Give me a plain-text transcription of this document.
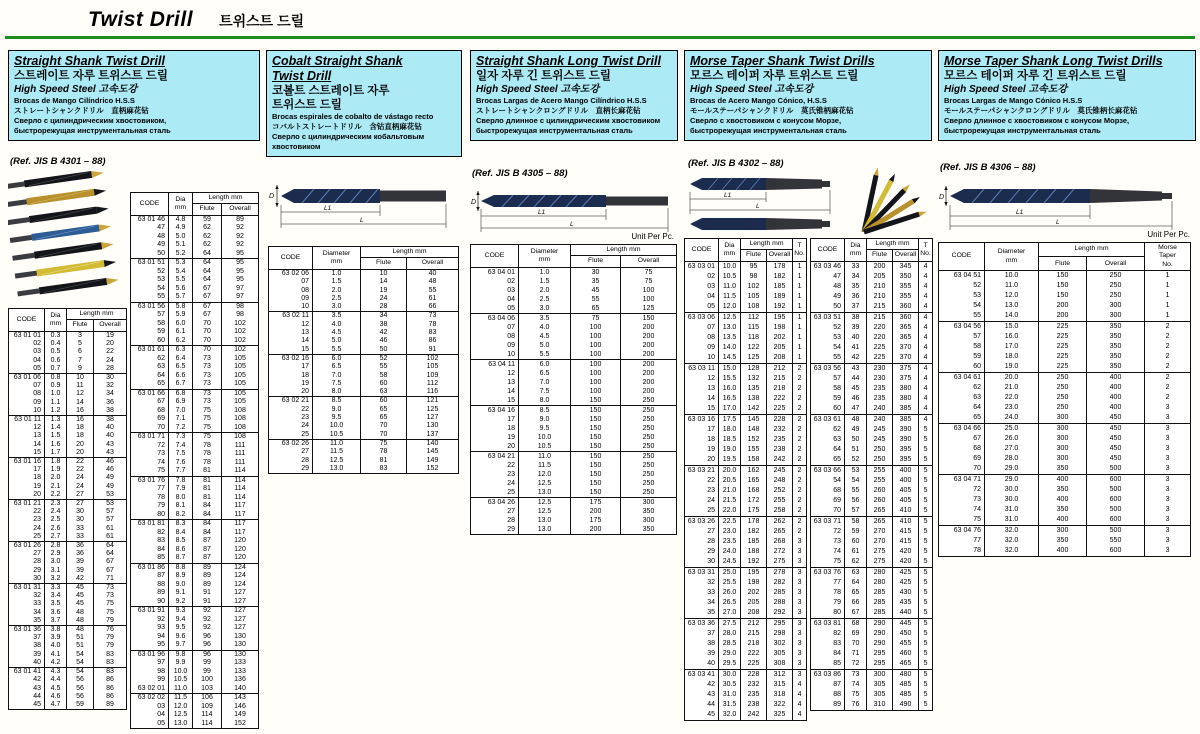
Twist Drill 트위스트 드릴
Straight Shank Twist Drill
스트레이트 자루 트위스트 드릴
High Speed Steel 고속도강
Brocas de Mango Cilíndrico H.S.S
ストレートシャンクドリル　直柄麻花钻
Сверло с цилиндрическим хвостовиком,
быстрорежущая инструментальная сталь
(Ref. JIS B 4301 – 88)
CODE	Dia
mm	Length mm	
		Flute	Overall
63 01 46	4.8	59	89
47	4.9	62	92
48	5.0	62	92
49	5.1	62	92
50	5.2	64	95
63 01 51	5.3	64	95
52	5.4	64	95
53	5.5	64	95
54	5.6	67	97
55	5.7	67	97
63 01 56	5.8	67	98
57	5.9	67	98
58	6.0	70	102
59	6.1	70	102
60	6.2	70	102
63 01 61	6.3	70	102
62	6.4	73	105
63	6.5	73	105
64	6.6	73	105
65	6.7	73	105
63 01 66	6.8	73	105
67	6.9	73	105
68	7.0	75	108
69	7.1	75	108
70	7.2	75	108
63 01 71	7.3	75	108
72	7.4	78	111
73	7.5	78	111
74	7.6	78	111
75	7.7	81	114
63 01 76	7.8	81	114
77	7.9	81	114
78	8.0	81	114
79	8.1	84	117
80	8.2	84	117
63 01 81	8.3	84	117
82	8.4	84	117
83	8.5	87	120
84	8.6	87	120
85	8.7	87	120
63 01 86	8.8	89	124
87	8.9	89	124
88	9.0	89	124
89	9.1	91	127
90	9.2	91	127
63 01 91	9.3	92	127
92	9.4	92	127
93	9.5	92	127
94	9.6	96	130
95	9.7	96	130
63 01 96	9.8	96	130
97	9.9	99	133
98	10.0	99	133
99	10.5	100	136
63 02 01	11.0	103	140
63 02 02	11.5	106	143
03	12.0	109	146
04	12.5	114	149
05	13.0	114	152
CODE	Dia
mm	Length mm	
		Flute	Overall
63 01 01	0.3	3	19
02	0.4	5	20
03	0.5	6	22
04	0.6	7	24
05	0.7	9	28
63 01 06	0.8	10	30
07	0.9	11	32
08	1.0	12	34
09	1.1	14	36
10	1.2	16	38
63 01 11	1.3	16	38
12	1.4	18	40
13	1.5	18	40
14	1.6	20	43
15	1.7	20	43
63 01 16	1.8	22	46
17	1.9	22	46
18	2.0	24	49
19	2.1	24	49
20	2.2	27	53
63 01 21	2.3	27	53
22	2.4	30	57
23	2.5	30	57
24	2.6	33	61
25	2.7	33	61
63 01 26	2.8	36	64
27	2.9	36	64
28	3.0	39	67
29	3.1	39	67
30	3.2	42	71
63 01 31	3.3	45	73
32	3.4	45	73
33	3.5	45	75
34	3.6	48	75
35	3.7	48	79
63 01 36	3.8	48	76
37	3.9	51	79
38	4.0	51	79
39	4.1	54	83
40	4.2	54	83
63 01 41	4.3	54	83
42	4.4	56	86
43	4.5	56	86
44	4.6	56	86
45	4.7	59	89
Cobalt Straight Shank
Twist Drill
코볼트 스트레이트 자루
트위스트 드릴
Brocas espirales de cobalto de vástago recto
コバルトストレートドリル　含钴直柄麻花钻
Сверло с цилиндрическим кобальтовым
хвостовиком
D
L1
L
CODE	Diameter
mm	Length mm	
		Flute	Overall
63 02 06	1.0	10	40
07	1.5	14	48
08	2.0	19	55
09	2.5	24	61
10	3.0	28	66
63 02 11	3.5	34	73
12	4.0	38	78
13	4.5	42	83
14	5.0	46	86
15	5.5	50	91
63 02 16	6.0	52	102
17	6.5	55	105
18	7.0	58	109
19	7.5	60	112
20	8.0	63	116
63 02 21	8.5	60	121
22	9.0	65	125
23	9.5	65	127
24	10.0	70	130
25	10.5	70	137
63 02 26	11.0	75	140
27	11.5	78	145
28	12.5	81	149
29	13.0	83	152
Straight Shank Long Twist Drill
일자 자루 긴 트위스트 드릴
High Speed Steel 고속도강
Brocas Largas de Acero Mango Cilíndrico H.S.S
ストレートシャンクロングドリル　直柄长麻花钻
Сверло длинное с цилиндрическим хвостовиком
быстрорежущая инструментальная сталь
(Ref. JIS B 4305 – 88)
D
L1
L
Unit Per Pc.
CODE	Diameter
mm	Length mm	
		Flute	Overall
63 04 01	1.0	30	75
02	1.5	35	75
03	2.0	45	100
04	2.5	55	100
05	3.0	65	125
63 04 06	3.5	75	150
07	4.0	100	200
08	4.5	100	200
09	5.0	100	200
10	5.5	100	200
63 04 11	6.0	100	200
12	6.5	100	200
13	7.0	100	200
14	7.5	100	200
15	8.0	150	250
63 04 16	8.5	150	250
17	9.0	150	250
18	9.5	150	250
19	10.0	150	250
20	10.5	150	250
63 04 21	11.0	150	250
22	11.5	150	250
23	12.0	150	250
24	12.5	150	250
25	13.0	150	250
63 04 26	12.5	175	300
27	12.5	200	350
28	13.0	175	300
29	13.0	200	350
Morse Taper Shank Twist Drills
모르스 테이퍼 자루 트위스트 드릴
High Speed Steel 고속도강
Brocas de Acero Mango Cónico, H.S.S
モールステーパシャンクドリル　莫氏锥柄麻花钻
Сверло с хвостовиком с конусом Морзе,
быстрорежущая инструментальная сталь
(Ref. JIS B 4302 – 88)
L1
L
CODE	Dia
mm	Length mm		T
No.
		Flute	Overall	
63 03 01	10.0	95	178	1
02	10.5	98	182	1
03	11.0	102	185	1
04	11.5	105	189	1
05	12.0	108	192	1
63 03 06	12.5	112	195	1
07	13.0	115	198	1
08	13.5	118	202	1
09	14.0	122	205	1
10	14.5	125	208	1
63 03 11	15.0	128	212	2
12	15.5	132	215	2
13	16.0	135	218	2
14	16.5	138	222	2
15	17.0	142	225	2
63 03 16	17.5	145	228	2
17	18.0	148	232	2
18	18.5	152	235	2
19	19.0	155	238	2
20	19.5	158	242	2
63 03 21	20.0	162	245	2
22	20.5	165	248	2
23	21.0	168	252	2
24	21.5	172	255	2
25	22.0	175	258	2
63 03 26	22.5	178	262	2
27	23.0	182	265	2
28	23.5	185	268	3
29	24.0	188	272	3
30	24.5	192	275	3
63 03 31	25.0	195	278	3
32	25.5	198	282	3
33	26.0	202	285	3
34	26.5	205	288	3
35	27.0	208	292	3
63 03 36	27.5	212	295	3
37	28.0	215	298	3
38	28.5	218	302	3
39	29.0	222	305	3
40	29.5	225	308	3
63 03 41	30.0	228	312	3
42	30.5	232	315	4
43	31.0	235	318	4
44	31.5	238	322	4
45	32.0	242	325	4
CODE	Dia
mm	Length mm		T
No.
		Flute	Overall	
63 03 46	33	200	345	4
47	34	205	350	4
48	35	210	355	4
49	36	210	355	4
50	37	215	360	4
63 03 51	38	215	360	4
52	39	220	365	4
53	40	220	365	4
54	41	225	370	4
55	42	225	370	4
63 03 56	43	230	375	4
57	44	230	375	4
58	45	235	380	4
59	46	235	380	4
60	47	240	385	4
63 03 61	48	240	385	4
62	49	245	390	5
63	50	245	390	5
64	51	250	395	5
65	52	250	395	5
63 03 66	53	255	400	5
54	54	255	400	5
68	55	260	405	5
69	56	260	405	5
70	57	265	410	5
63 03 71	58	265	410	5
72	59	270	415	5
73	60	270	415	5
74	61	275	420	5
75	62	275	420	5
63 03 76	63	280	425	5
77	64	280	425	5
78	65	285	430	5
79	66	285	435	5
80	67	285	440	5
63 03 81	68	290	445	5
82	69	290	450	5
83	70	290	455	5
84	71	295	460	5
85	72	295	465	5
63 03 86	73	300	480	5
87	74	305	485	5
88	75	305	485	5
89	76	310	490	5
Morse Taper Shank Long Twist Drills
모르스 테이퍼 자루 긴 트위스트 드릴
High Speed Steel 고속도강
Brocas Largas de Mango Cónico H.S.S
モールステーパシャンクロングドリル　莫氏锥柄长麻花钻
Сверло длинное с хвостовиком с конусом Морзе,
быстрорежущая инструментальная сталь
(Ref. JIS B 4306 – 88)
D
L1
L
Unit Per Pc.
CODE	Diameter
mm	Length mm		Morse
Taper
No.
		Flute	Overall	
63 04 51	10.0	150	250	1
52	11.0	150	250	1
53	12.0	150	250	1
54	13.0	200	300	1
55	14.0	200	300	1
63 04 56	15.0	225	350	2
57	16.0	225	350	2
58	17.0	225	350	2
59	18.0	225	350	2
60	19.0	225	350	2
63 04 61	20.0	250	400	2
62	21.0	250	400	2
63	22.0	250	400	2
64	23.0	250	400	3
65	24.0	300	450	3
63 04 66	25.0	300	450	3
67	26.0	300	450	3
68	27.0	300	450	3
69	28.0	300	450	3
70	29.0	350	500	3
63 04 71	29.0	400	600	3
72	30.0	350	500	3
73	30.0	400	600	3
74	31.0	350	500	3
75	31.0	400	600	3
63 04 76	32.0	300	500	3
77	32.0	350	550	3
78	32.0	400	600	3
